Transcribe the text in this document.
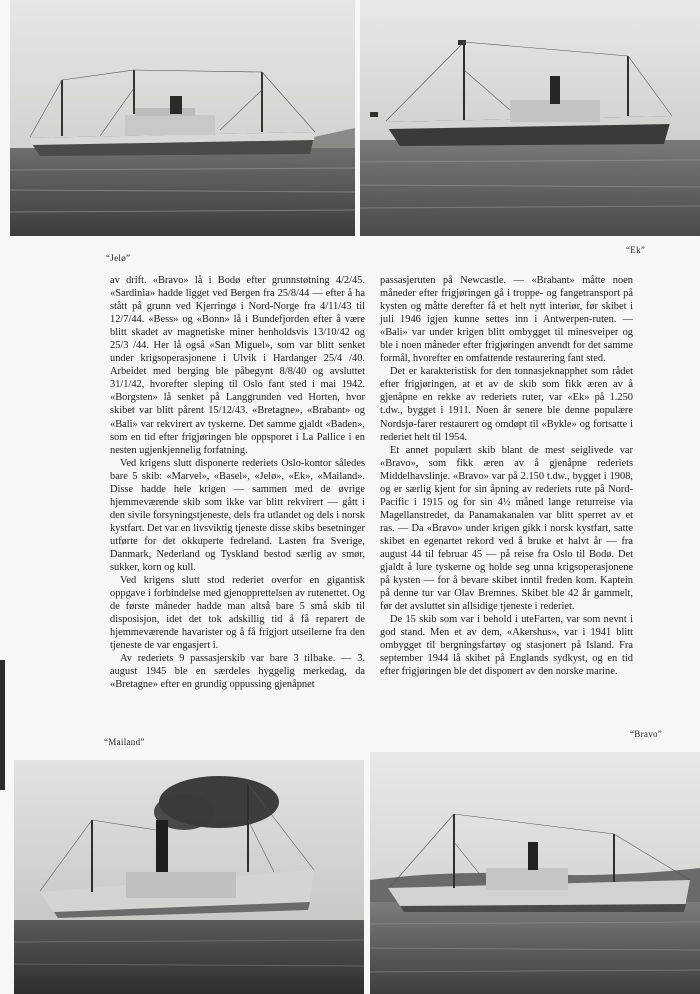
“Jelø”
“Ek”

av drift. «Bravo» lå i Bodø efter grunnstøtning 4/2/45. «Sardinia» hadde ligget ved Bergen fra 25/8/44 — efter å ha stått på grunn ved Kjerringø i Nord-Norge fra 4/11/43 til 12/7/44. «Bess» og «Bonn» lå i Bundefjorden efter å være blitt skadet av magnetiske miner henholdsvis 13/10/42 og 25/3 /44. Her lå også «San Miguel», som var blitt senket under krigsoperasjonene i Ulvik i Hardanger 25/4 /40. Arbeidet med berging ble påbegynt 8/8/40 og avsluttet 31/1/42, hvorefter sleping til Oslo fant sted i mai 1942. «Borgsten» lå senket på Langgrunden ved Horten, hvor skibet var blitt pårent 15/12/43. «Bretagne», «Brabant» og «Bali» var rekvirert av tyskerne. Det samme gjaldt «Baden», som en tid efter frigjøringen ble oppsporet i La Pallice i en nesten ugjenkjennelig forfatning.

Ved krigens slutt disponerte rederiets Oslo-kontor således bare 5 skib: «Marvel», «Basel», «Jelø», «Ek», «Mailand». Disse hadde hele krigen — sammen med de øvrige hjemmeværende skib som ikke var blitt rekvirert — gått i den sivile forsyningstjeneste, dels fra utlandet og dels i norsk kystfart. Det var en livsviktig tjeneste disse skibs besetninger utførte for det okkuperte fedreland. Lasten fra Sverige, Danmark, Nederland og Tyskland bestod særlig av smør, sukker, korn og kull.

Ved krigens slutt stod rederiet overfor en gigantisk oppgave i forbindelse med gjenopprettelsen av rutenettet. Og de første måneder hadde man altså bare 5 små skib til disposisjon, idet det tok adskillig tid å få reparert de hjemmeværende havarister og å få frigjort utseilerne fra den tjeneste de var engasjert i.

Av rederiets 9 passasjerskib var bare 3 tilbake. — 3. august 1945 ble en særdeles hyggelig merkedag, da «Bretagne» efter en grundig oppussing gjenåpnet

passasjeruten på Newcastle. — «Brabant» måtte noen måneder efter frigjøringen gå i troppe- og fangetransport på kysten og måtte derefter få et helt nytt interiør, før skibet i juli 1946 igjen kunne settes inn i Antwerpen-ruten. — «Bali» var under krigen blitt ombygget til minesveiper og ble i noen måneder efter frigjøringen anvendt for det samme formål, hvorefter en omfattende restaurering fant sted.

Det er karakteristisk for den tonnasjeknapphet som rådet efter frigjøringen, at et av de skib som fikk æren av å gjenåpne en rekke av rederiets ruter, var «Ek» på 1.250 t.dw., bygget i 1911. Noen år senere ble denne populære Nordsjø-farer restaurert og omdøpt til «Bykle» og fortsatte i rederiet helt til 1954.

Et annet populært skib blant de mest seiglivede var «Bravo», som fikk æren av å gjenåpne rederiets Middelhavslinje. «Bravo» var på 2.150 t.dw., bygget i 1908, og er særlig kjent for sin åpning av rederiets rute på Nord-Pacific i 1915 og for sin 4½ måned lange returreise via Magellanstredet, da Panamakanalen var blitt sperret av et ras. — Da «Bravo» under krigen gikk i norsk kystfart, satte skibet en egenartet rekord ved å bruke et halvt år — fra august 44 til februar 45 — på reise fra Oslo til Bodø. Det gjaldt å lure tyskerne og holde seg unna krigsoperasjonene på kysten — for å bevare skibet inntil freden kom. Kaptein på denne tur var Olav Bremnes. Skibet ble 42 år gammelt, før det avsluttet sin allsidige tjeneste i rederiet.

De 15 skib som var i behold i uteFarten, var som nevnt i god stand. Men et av dem, «Akershus», var i 1941 blitt ombygget til bergningsfartøy og stasjonert på Island. Fra september 1944 lå skibet på Englands sydkyst, og en tid efter frigjøringen ble det disponert av den norske marine.

“Mailand”
“Bravo”
